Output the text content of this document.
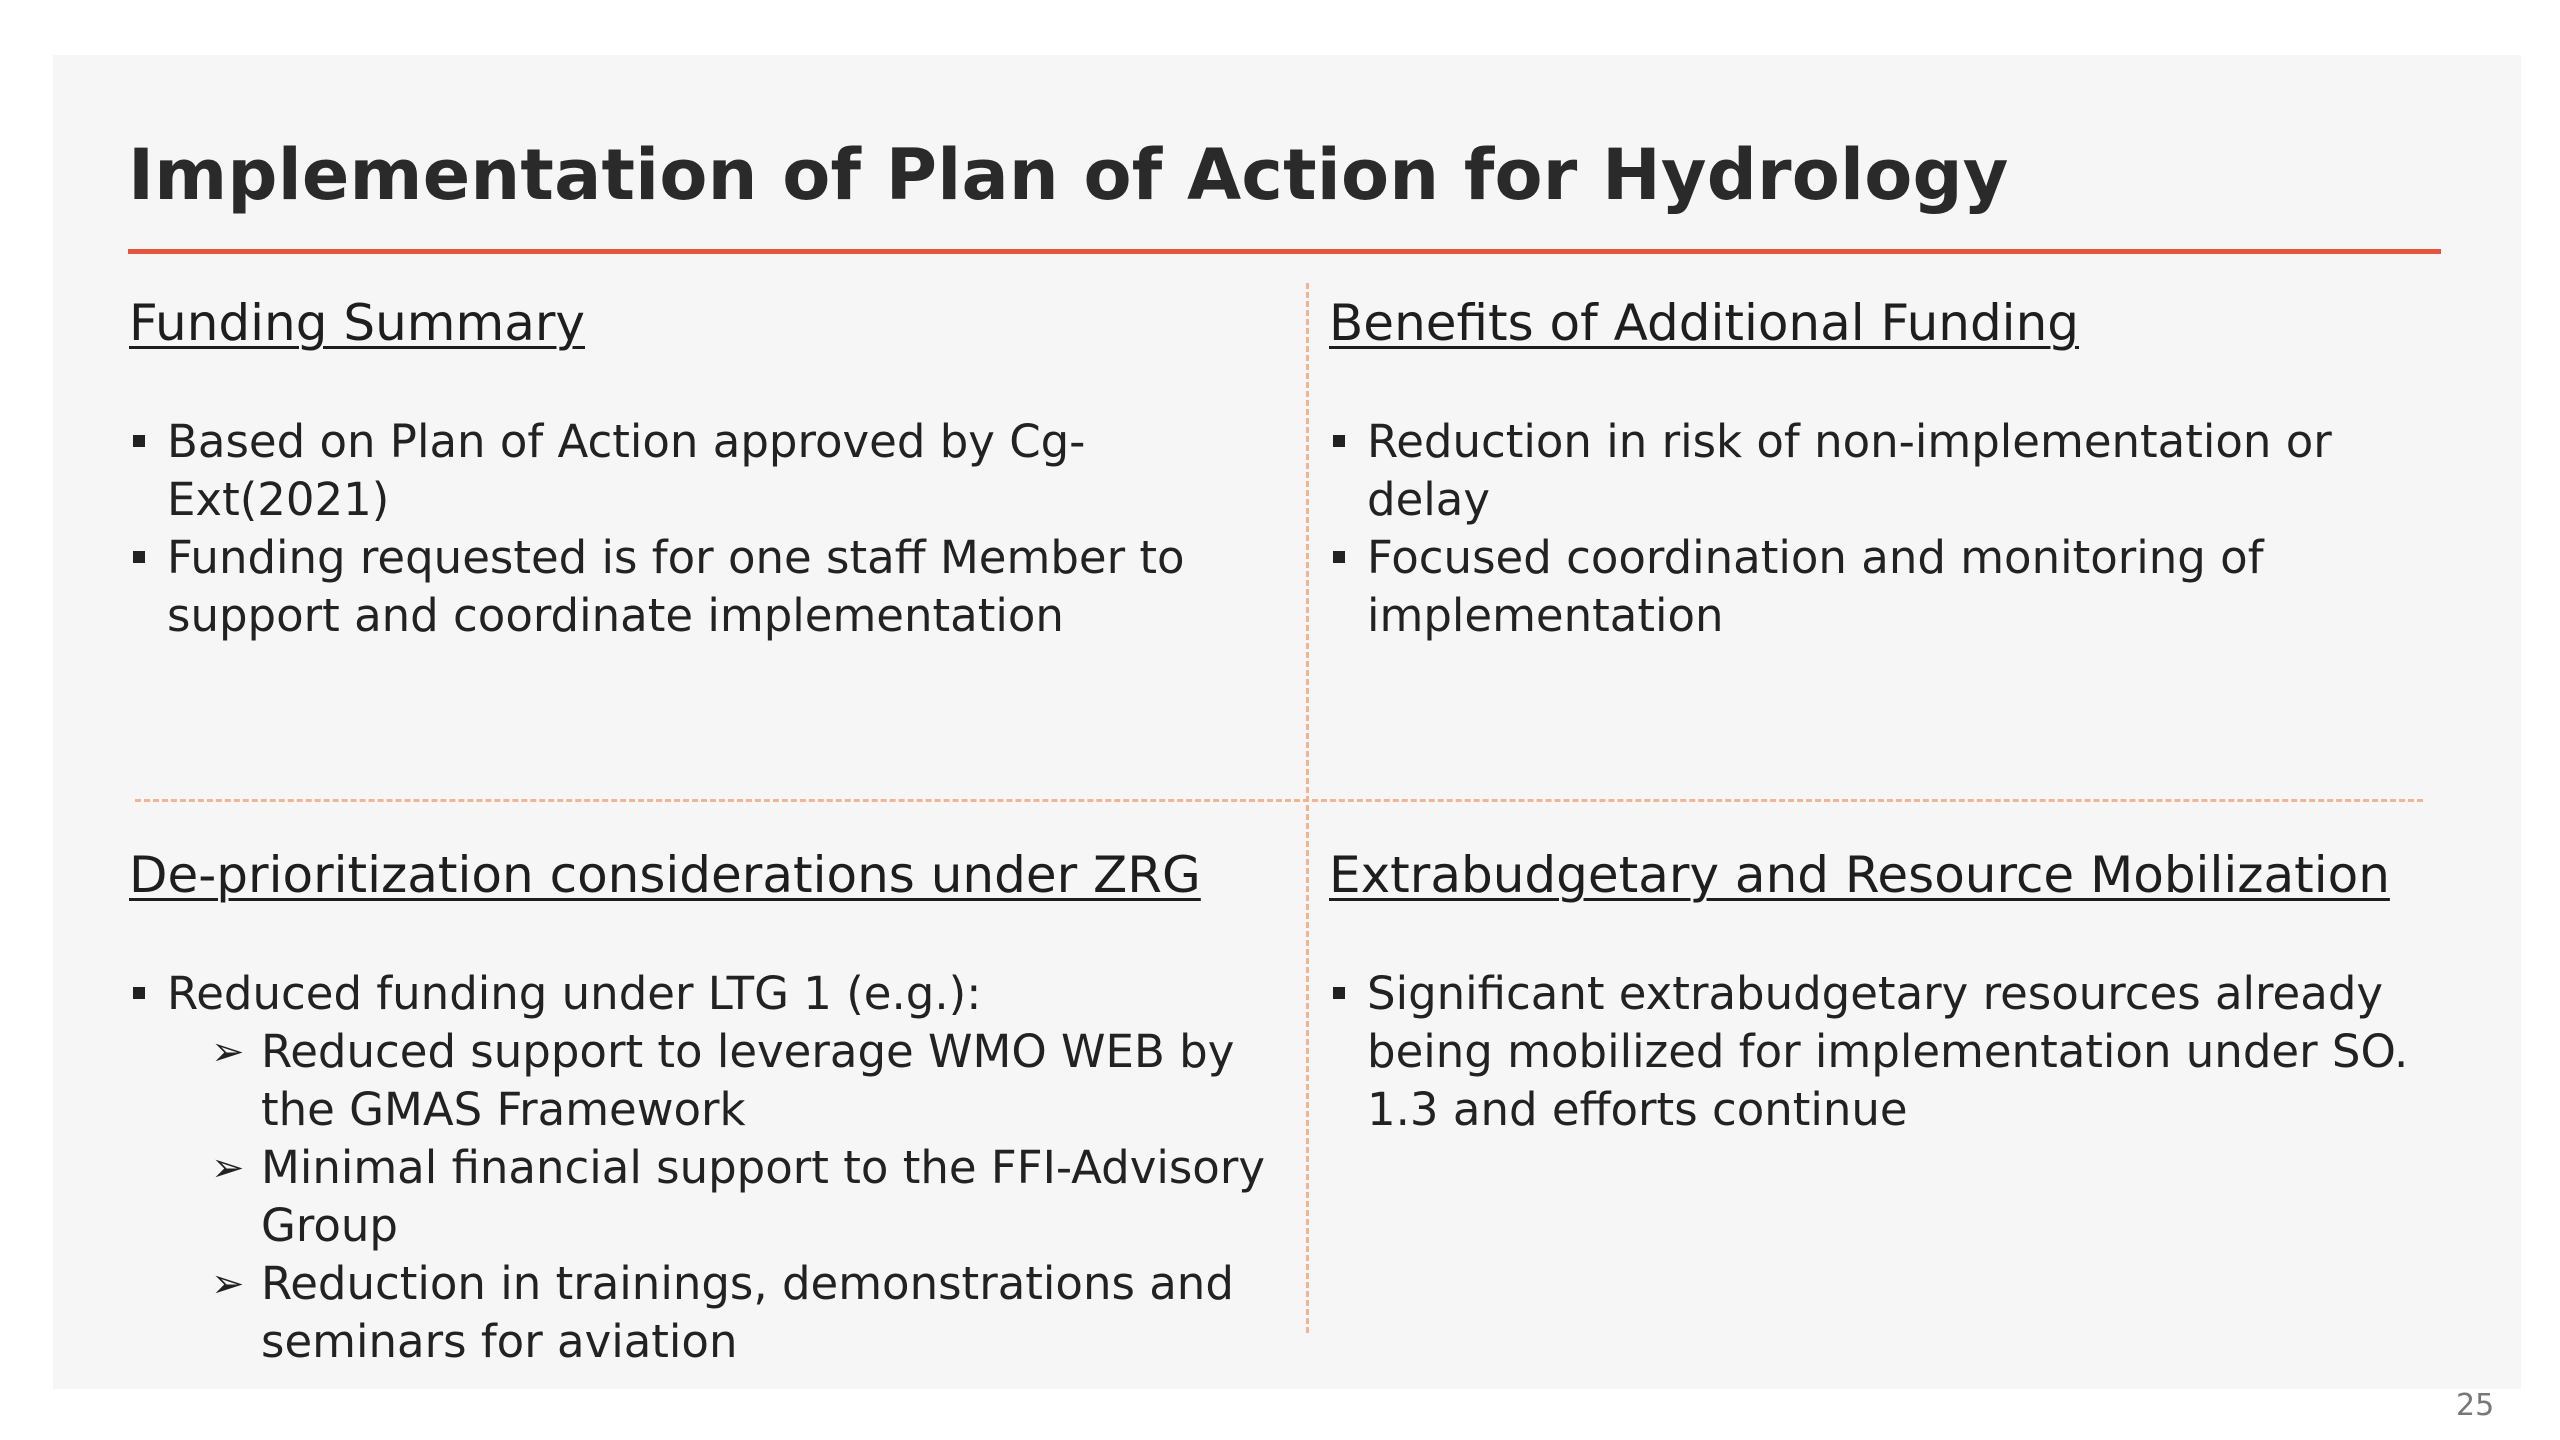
Implementation of Plan of Action for Hydrology
Funding Summary
Based on Plan of Action approved by Cg-Ext(2021)
Funding requested is for one staff Member to support and coordinate implementation
Benefits of Additional Funding
Reduction in risk of non-implementation or delay
Focused coordination and monitoring of implementation
De-prioritization considerations under ZRG
Reduced funding under LTG 1 (e.g.):
➢ Reduced support to leverage WMO WEB by the GMAS Framework
➢ Minimal financial support to the FFI-Advisory Group
➢ Reduction in trainings, demonstrations and seminars for aviation
Extrabudgetary and Resource Mobilization
Significant extrabudgetary resources already being mobilized for implementation under SO. 1.3 and efforts continue
25
